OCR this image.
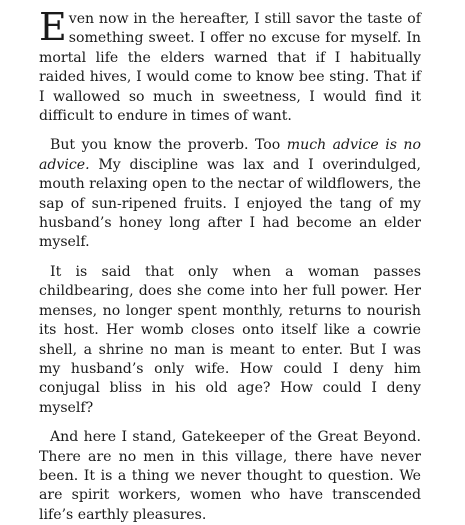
Even now in the hereafter, I still savor the taste of something sweet. I offer no excuse for myself. In mortal life the elders warned that if I habitually raided hives, I would come to know bee sting. That if I wallowed so much in sweetness, I would find it difficult to endure in times of want.

But you know the proverb. Too much advice is no advice. My discipline was lax and I overindulged, mouth relaxing open to the nectar of wildflowers, the sap of sun-ripened fruits. I enjoyed the tang of my husband’s honey long after I had become an elder myself.

It is said that only when a woman passes childbearing, does she come into her full power. Her menses, no longer spent monthly, returns to nourish its host. Her womb closes onto itself like a cowrie shell, a shrine no man is meant to enter. But I was my husband’s only wife. How could I deny him conjugal bliss in his old age? How could I deny myself?

And here I stand, Gatekeeper of the Great Beyond. There are no men in this village, there have never been. It is a thing we never thought to question. We are spirit workers, women who have transcended life’s earthly pleasures.
